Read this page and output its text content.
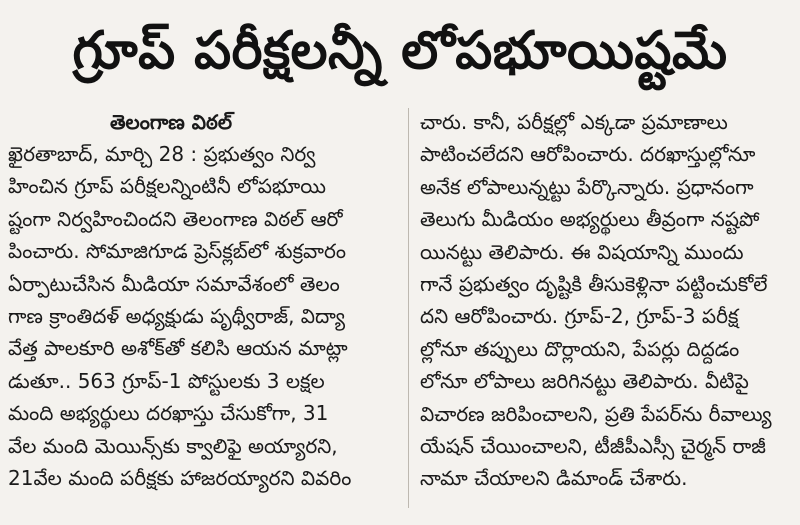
గ్రూప్ పరీక్షలన్నీ లోపభూయిష్టమే
తెలంగాణ విఠల్
ఖైరతాబాద్, మార్చి 28 : ప్రభుత్వం నిర్వ
హించిన గ్రూప్ పరీక్షలన్నింటినీ లోపభూయి
ష్టంగా నిర్వహించిందని తెలంగాణ విఠల్ ఆరో
పించారు. సోమాజిగూడ ప్రెస్‌క్లబ్‌లో శుక్రవారం
ఏర్పాటుచేసిన మీడియా సమావేశంలో తెలం
గాణ క్రాంతిదళ్ అధ్యక్షుడు పృథ్వీరాజ్, విద్యా
వేత్త పాలకూరి అశోక్‌తో కలిసి ఆయన మాట్లా
డుతూ.. 563 గ్రూప్-1 పోస్టులకు 3 లక్షల
మంది అభ్యర్థులు దరఖాస్తు చేసుకోగా, 31
వేల మంది మెయిన్స్‌కు క్వాలిఫై అయ్యారని,
21వేల మంది పరీక్షకు హాజరయ్యారని వివరిం
చారు. కానీ, పరీక్షల్లో ఎక్కడా ప్రమాణాలు
పాటించలేదని ఆరోపించారు. దరఖాస్తుల్లోనూ
అనేక లోపాలున్నట్టు పేర్కొన్నారు. ప్రధానంగా
తెలుగు మీడియం అభ్యర్థులు తీవ్రంగా నష్టపో
యినట్టు తెలిపారు. ఈ విషయాన్ని ముందు
గానే ప్రభుత్వం దృష్టికి తీసుకెళ్లినా పట్టించుకోలే
దని ఆరోపించారు. గ్రూప్-2, గ్రూప్-3 పరీక్ష
ల్లోనూ తప్పులు దొర్లాయని, పేపర్లు దిద్దడం
లోనూ లోపాలు జరిగినట్టు తెలిపారు. వీటిపై
విచారణ జరిపించాలని, ప్రతి పేపర్‌ను రీవాల్యు
యేషన్ చేయించాలని, టీజీపీఎస్సీ చైర్మన్ రాజీ
నామా చేయాలని డిమాండ్ చేశారు.
